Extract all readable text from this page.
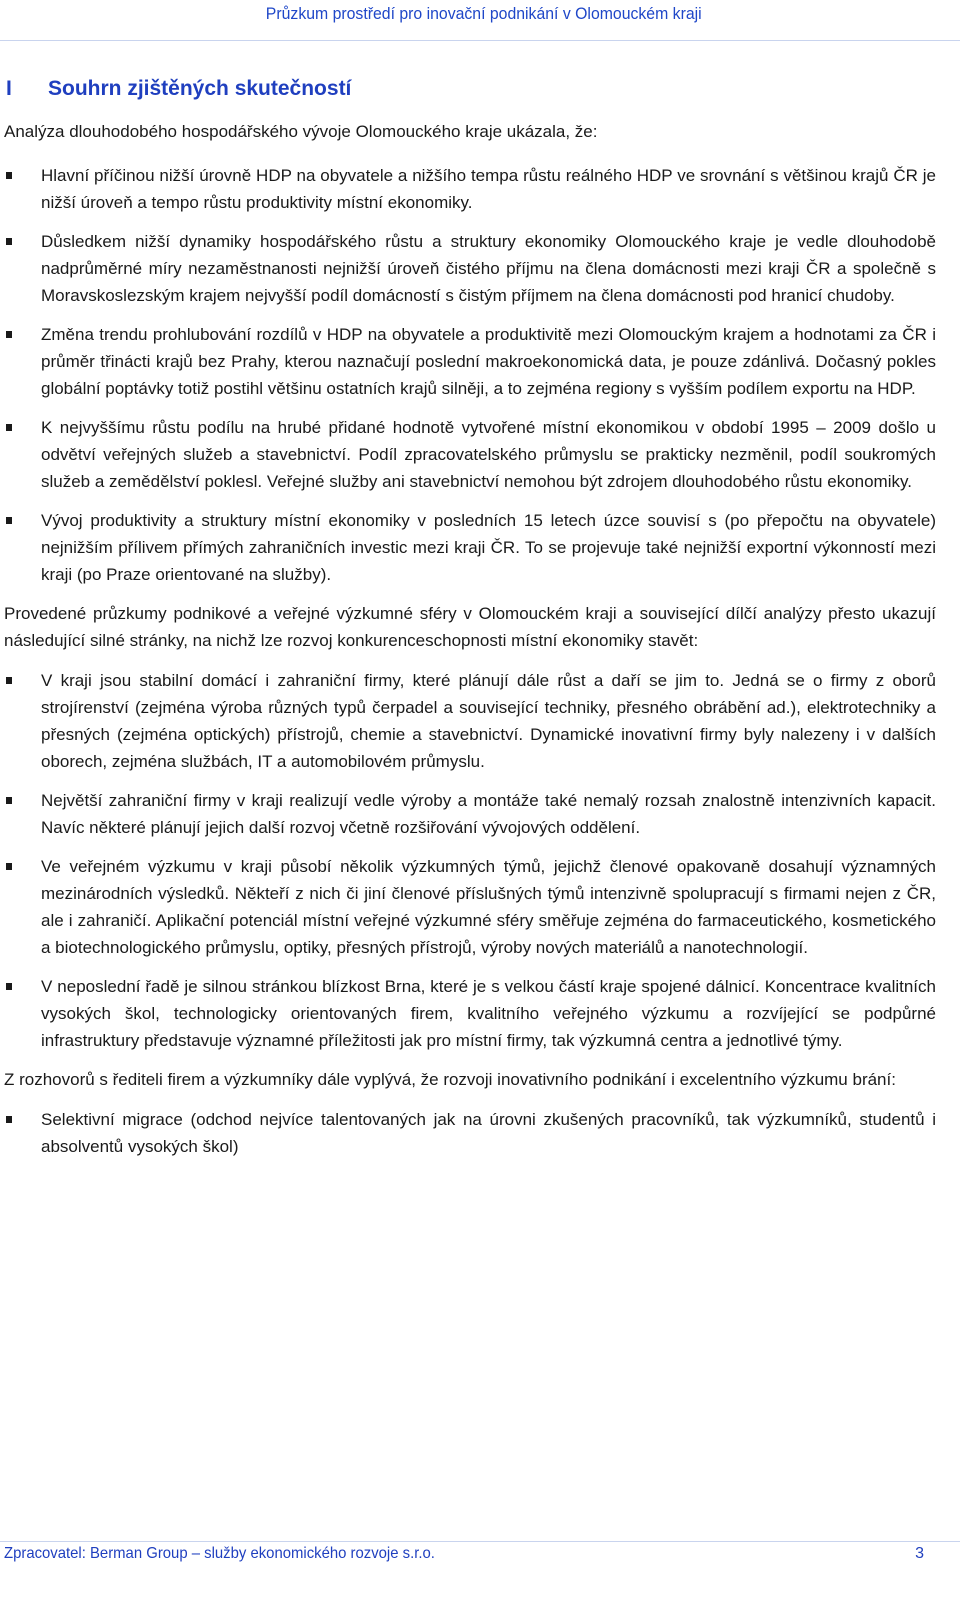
Průzkum prostředí pro inovační podnikání v Olomouckém kraji
I Souhrn zjištěných skutečností

Analýza dlouhodobého hospodářského vývoje Olomouckého kraje ukázala, že:

Hlavní příčinou nižší úrovně HDP na obyvatele a nižšího tempa růstu reálného HDP ve srovnání s většinou krajů ČR je nižší úroveň a tempo růstu produktivity místní ekonomiky.
Důsledkem nižší dynamiky hospodářského růstu a struktury ekonomiky Olomouckého kraje je vedle dlouhodobě nadprůměrné míry nezaměstnanosti nejnižší úroveň čistého příjmu na člena domácnosti mezi kraji ČR a společně s Moravskoslezským krajem nejvyšší podíl domácností s čistým příjmem na člena domácnosti pod hranicí chudoby.
Změna trendu prohlubování rozdílů v HDP na obyvatele a produktivitě mezi Olomouckým krajem a hodnotami za ČR i průměr třinácti krajů bez Prahy, kterou naznačují poslední makroekonomická data, je pouze zdánlivá. Dočasný pokles globální poptávky totiž postihl většinu ostatních krajů silněji, a to zejména regiony s vyšším podílem exportu na HDP.
K nejvyššímu růstu podílu na hrubé přidané hodnotě vytvořené místní ekonomikou v období 1995 – 2009 došlo u odvětví veřejných služeb a stavebnictví. Podíl zpracovatelského průmyslu se prakticky nezměnil, podíl soukromých služeb a zemědělství poklesl. Veřejné služby ani stavebnictví nemohou být zdrojem dlouhodobého růstu ekonomiky.
Vývoj produktivity a struktury místní ekonomiky v posledních 15 letech úzce souvisí s (po přepočtu na obyvatele) nejnižším přílivem přímých zahraničních investic mezi kraji ČR. To se projevuje také nejnižší exportní výkonností mezi kraji (po Praze orientované na služby).

Provedené průzkumy podnikové a veřejné výzkumné sféry v Olomouckém kraji a související dílčí analýzy přesto ukazují následující silné stránky, na nichž lze rozvoj konkurenceschopnosti místní ekonomiky stavět:

V kraji jsou stabilní domácí i zahraniční firmy, které plánují dále růst a daří se jim to. Jedná se o firmy z oborů strojírenství (zejména výroba různých typů čerpadel a související techniky, přesného obrábění ad.), elektrotechniky a přesných (zejména optických) přístrojů, chemie a stavebnictví. Dynamické inovativní firmy byly nalezeny i v dalších oborech, zejména službách, IT a automobilovém průmyslu.
Největší zahraniční firmy v kraji realizují vedle výroby a montáže také nemalý rozsah znalostně intenzivních kapacit. Navíc některé plánují jejich další rozvoj včetně rozšiřování vývojových oddělení.
Ve veřejném výzkumu v kraji působí několik výzkumných týmů, jejichž členové opakovaně dosahují významných mezinárodních výsledků. Někteří z nich či jiní členové příslušných týmů intenzivně spolupracují s firmami nejen z ČR, ale i zahraničí. Aplikační potenciál místní veřejné výzkumné sféry směřuje zejména do farmaceutického, kosmetického a biotechnologického průmyslu, optiky, přesných přístrojů, výroby nových materiálů a nanotechnologií.
V neposlední řadě je silnou stránkou blízkost Brna, které je s velkou částí kraje spojené dálnicí. Koncentrace kvalitních vysokých škol, technologicky orientovaných firem, kvalitního veřejného výzkumu a rozvíjející se podpůrné infrastruktury představuje významné příležitosti jak pro místní firmy, tak výzkumná centra a jednotlivé týmy.

Z rozhovorů s řediteli firem a výzkumníky dále vyplývá, že rozvoji inovativního podnikání i excelentního výzkumu brání:

Selektivní migrace (odchod nejvíce talentovaných jak na úrovni zkušených pracovníků, tak výzkumníků, studentů i absolventů vysokých škol)
Zpracovatel: Berman Group – služby ekonomického rozvoje s.r.o.	3
